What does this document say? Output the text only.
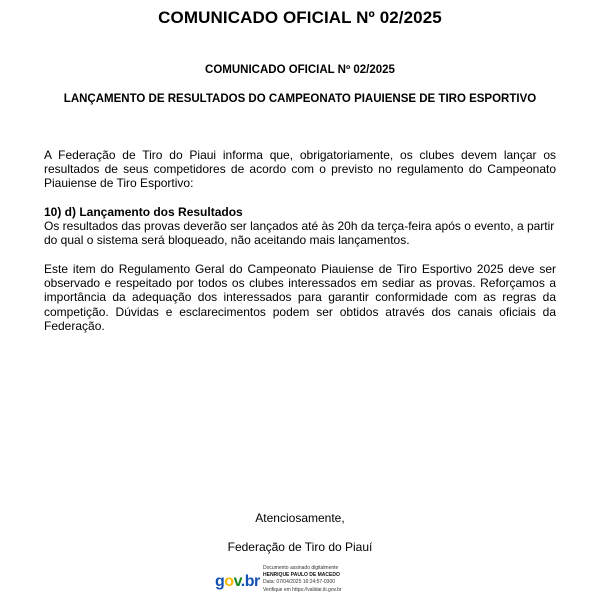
COMUNICADO OFICIAL Nº 02/2025
COMUNICADO OFICIAL Nº 02/2025
LANÇAMENTO DE RESULTADOS DO CAMPEONATO PIAUIENSE DE TIRO ESPORTIVO
A Federação de Tiro do Piaui informa que, obrigatoriamente, os clubes devem lançar os resultados de seus competidores de acordo com o previsto no regulamento do Campeonato Piauiense de Tiro Esportivo:
10) d) Lançamento dos Resultados
Os resultados das provas deverão ser lançados até às 20h da terça-feira após o evento, a partir do qual o sistema será bloqueado, não aceitando mais lançamentos.
Este item do Regulamento Geral do Campeonato Piauiense de Tiro Esportivo 2025 deve ser observado e respeitado por todos os clubes interessados em sediar as provas. Reforçamos a importância da adequação dos interessados para garantir conformidade com as regras da competição. Dúvidas e esclarecimentos podem ser obtidos através dos canais oficiais da Federação.
Atenciosamente,
Federação de Tiro do Piauí
gov.br
Documento assinado digitalmente
HENRIQUE PAULO DE MACEDO
Data: 07/04/2025 16:24:57-0300
Verifique em https://validar.iti.gov.br
